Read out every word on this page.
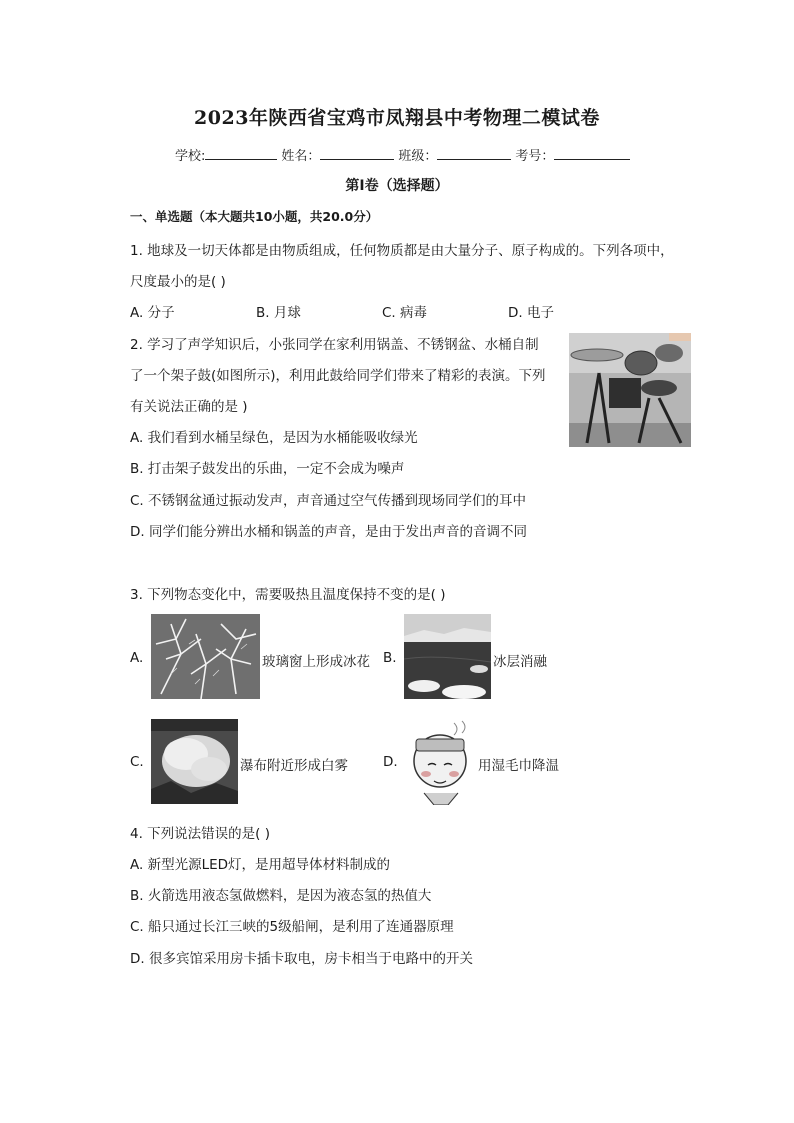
2023年陕西省宝鸡市凤翔县中考物理二模试卷
学校:	姓名：	班级：	考号：
第I卷（选择题）
一、单选题（本大题共10小题，共20.0分）
1. 地球及一切天体都是由物质组成，任何物质都是由大量分子、原子构成的。下列各项中，
尺度最小的是( )
A. 分子	B. 月球	C. 病毒	D. 电子
2. 学习了声学知识后，小张同学在家利用锅盖、不锈钢盆、水桶自制
了一个架子鼓(如图所示)，利用此鼓给同学们带来了精彩的表演。下列
有关说法正确的是 )
A. 我们看到水桶呈绿色，是因为水桶能吸收绿光
B. 打击架子鼓发出的乐曲，一定不会成为噪声
C. 不锈钢盆通过振动发声，声音通过空气传播到现场同学们的耳中
D. 同学们能分辨出水桶和锅盖的声音，是由于发出声音的音调不同
3. 下列物态变化中，需要吸热且温度保持不变的是( )
A.	玻璃窗上形成冰花 B.	冰层消融
C.	瀑布附近形成白雾	D.	用湿毛巾降温
4. 下列说法错误的是( )
A. 新型光源LED灯，是用超导体材料制成的
B. 火箭选用液态氢做燃料，是因为液态氢的热值大
C. 船只通过长江三峡的5级船闸，是利用了连通器原理
D. 很多宾馆采用房卡插卡取电，房卡相当于电路中的开关
